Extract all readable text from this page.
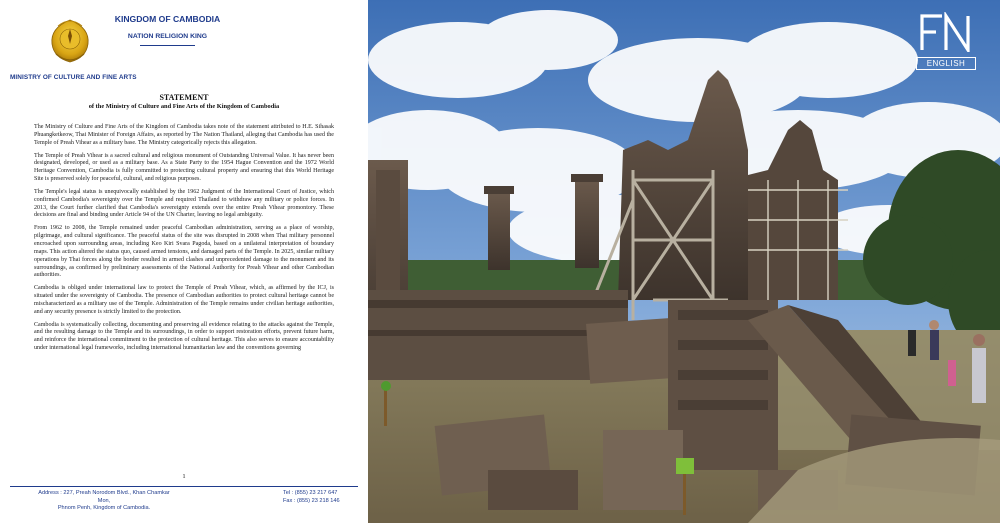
MINISTRY OF CULTURE AND FINE ARTS
KINGDOM OF CAMBODIA
NATION RELIGION KING
STATEMENT
of the Ministry of Culture and Fine Arts of the Kingdom of Cambodia

The Ministry of Culture and Fine Arts of the Kingdom of Cambodia takes note of the statement attributed to H.E. Sihasak Phuangketkeow, Thai Minister of Foreign Affairs, as reported by The Nation Thailand, alleging that Cambodia has used the Temple of Preah Vihear as a military base. The Ministry categorically rejects this allegation.

The Temple of Preah Vihear is a sacred cultural and religious monument of Outstanding Universal Value. It has never been designated, developed, or used as a military base. As a State Party to the 1954 Hague Convention and the 1972 World Heritage Convention, Cambodia is fully committed to protecting cultural property and ensuring that this World Heritage Site is preserved solely for peaceful, cultural, and religious purposes.

The Temple's legal status is unequivocally established by the 1962 Judgment of the International Court of Justice, which confirmed Cambodia's sovereignty over the Temple and required Thailand to withdraw any military or police forces. In 2013, the Court further clarified that Cambodia's sovereignty extends over the entire Preah Vihear promontory. These decisions are final and binding under Article 94 of the UN Charter, leaving no legal ambiguity.

From 1962 to 2008, the Temple remained under peaceful Cambodian administration, serving as a place of worship, pilgrimage, and cultural significance. The peaceful status of the site was disrupted in 2008 when Thai military personnel encroached upon surrounding areas, including Keo Kiri Svara Pagoda, based on a unilateral interpretation of boundary maps. This action altered the status quo, caused armed tensions, and damaged parts of the Temple. In 2025, similar military operations by Thai forces along the border resulted in armed clashes and unprecedented damage to the monument and its surroundings, as confirmed by preliminary assessments of the National Authority for Preah Vihear and other Cambodian authorities.

Cambodia is obliged under international law to protect the Temple of Preah Vihear, which, as affirmed by the ICJ, is situated under the sovereignty of Cambodia. The presence of Cambodian authorities to protect cultural heritage cannot be mischaracterized as a military use of the Temple. Administration of the Temple remains under civilian heritage authorities, and any security presence is strictly limited to the protection.

Cambodia is systematically collecting, documenting and preserving all evidence relating to the attacks against the Temple, and the resulting damage to the Temple and its surroundings, in order to support restoration efforts, prevent future harm, and reinforce the international commitment to the protection of cultural heritage. This also serves to ensure accountability under international legal frameworks, including international humanitarian law and the conventions governing

1
Address : 227, Preah Norodom Blvd., Khan Chamkar Mon,
Phnom Penh, Kingdom of Cambodia.
Tel : (855) 23 217 647
Fax : (855) 23 218 146
ENGLISH
